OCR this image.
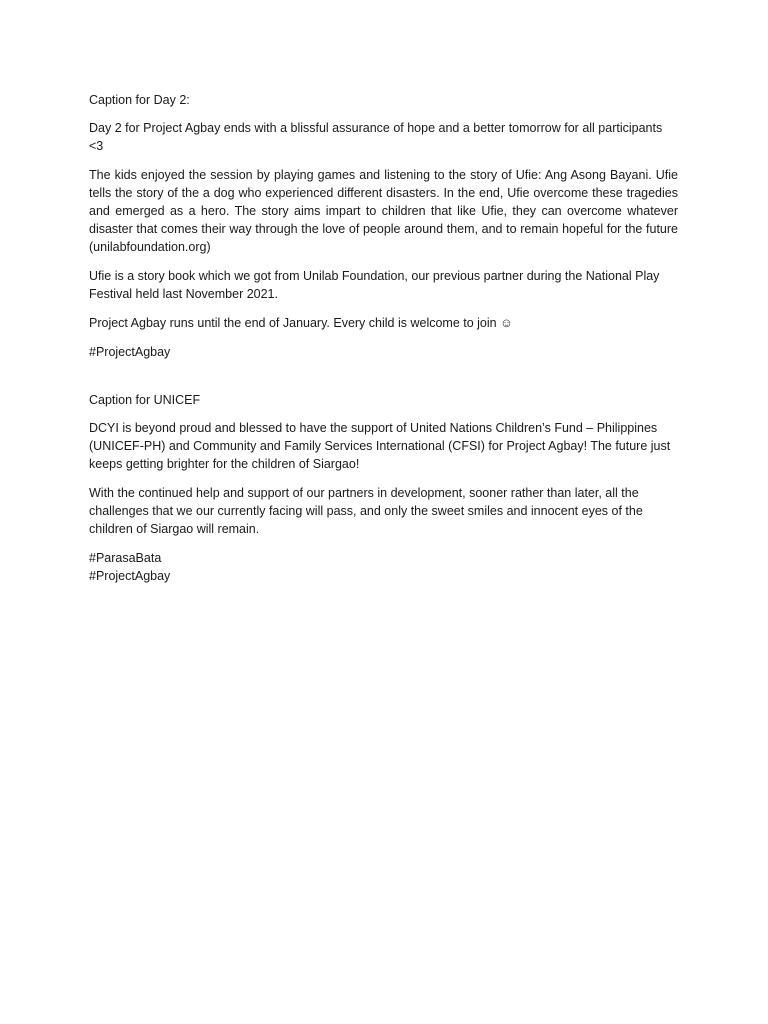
Caption for Day 2:

Day 2 for Project Agbay ends with a blissful assurance of hope and a better tomorrow for all participants <3

The kids enjoyed the session by playing games and listening to the story of Ufie: Ang Asong Bayani. Ufie tells the story of the a dog who experienced different disasters. In the end, Ufie overcome these tragedies and emerged as a hero. The story aims impart to children that like Ufie, they can overcome whatever disaster that comes their way through the love of people around them, and to remain hopeful for the future (unilabfoundation.org)

Ufie is a story book which we got from Unilab Foundation, our previous partner during the National Play Festival held last November 2021.

Project Agbay runs until the end of January. Every child is welcome to join ☺

#ProjectAgbay

Caption for UNICEF

DCYI is beyond proud and blessed to have the support of United Nations Children’s Fund – Philippines (UNICEF-PH) and Community and Family Services International (CFSI) for Project Agbay! The future just keeps getting brighter for the children of Siargao!

With the continued help and support of our partners in development, sooner rather than later, all the challenges that we our currently facing will pass, and only the sweet smiles and innocent eyes of the children of Siargao will remain.

#ParasaBata

#ProjectAgbay
